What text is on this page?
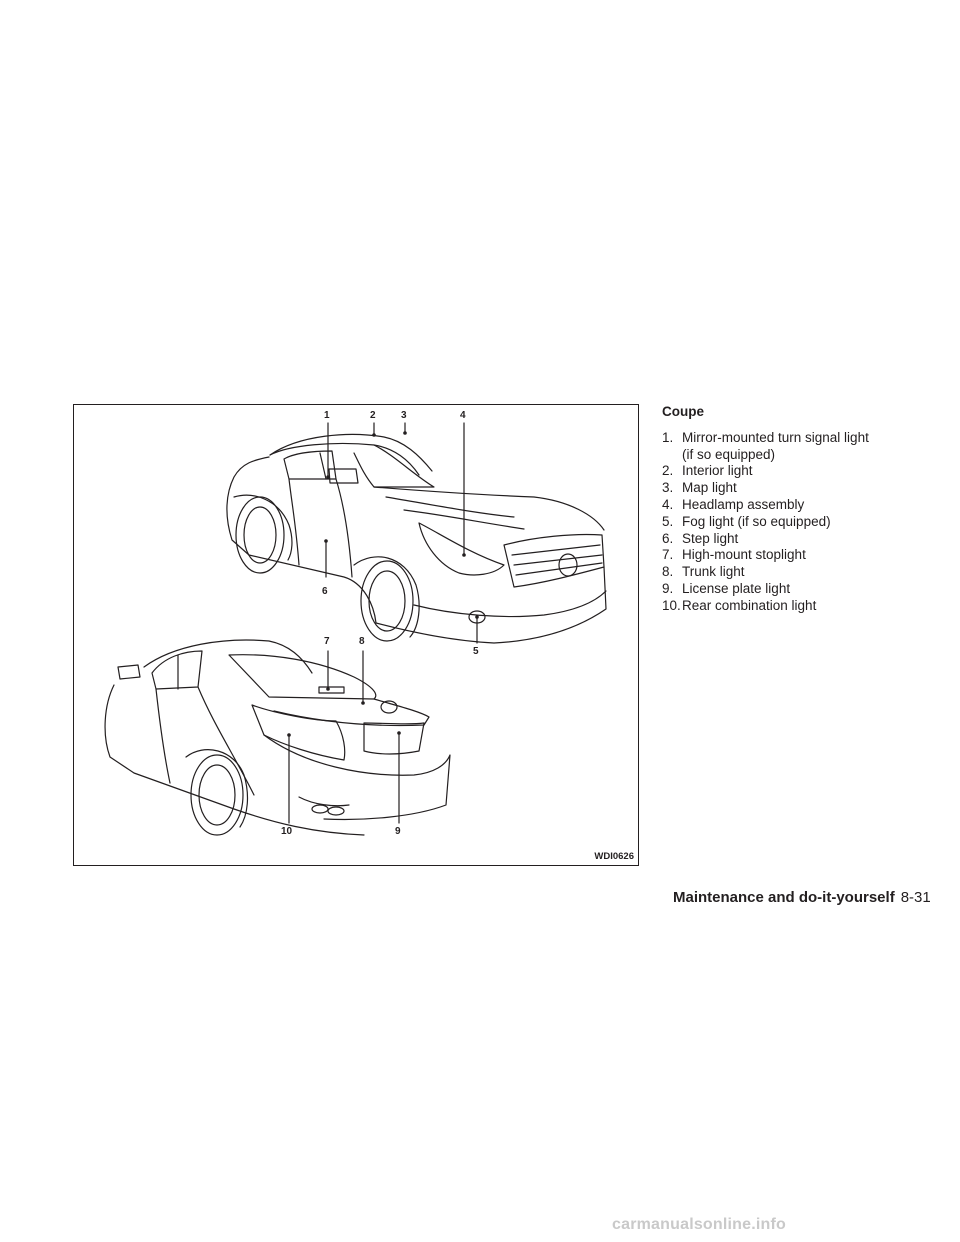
1	2	3	4
5
6
7	8
9
10
WDI0626
Coupe
1. Mirror-mounted turn signal light
(if so equipped)
2. Interior light
3. Map light
4. Headlamp assembly
5. Fog light (if so equipped)
6. Step light
7. High-mount stoplight
8. Trunk light
9. License plate light
10. Rear combination light
Maintenance and do-it-yourself 8-31
carmanualsonline.info
